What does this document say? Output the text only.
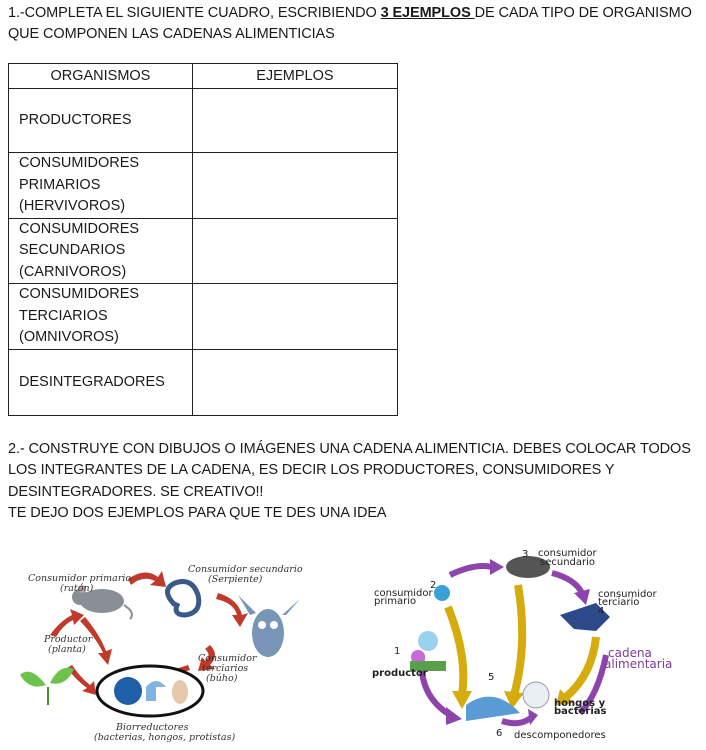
1.-COMPLETA EL SIGUIENTE CUADRO, ESCRIBIENDO 3 EJEMPLOS DE CADA TIPO DE ORGANISMO
QUE COMPONEN LAS CADENAS ALIMENTICIAS
ORGANISMOS	EJEMPLOS

PRODUCTORES	

CONSUMIDORES
PRIMARIOS
(HERVIVOROS)	

CONSUMIDORES
SECUNDARIOS
(CARNIVOROS)	

CONSUMIDORES
TERCIARIOS
(OMNIVOROS)	

DESINTEGRADORES	

2.- CONSTRUYE CON DIBUJOS O IMÁGENES UNA CADENA ALIMENTICIA. DEBES COLOCAR TODOS
LOS INTEGRANTES DE LA CADENA, ES DECIR LOS PRODUCTORES, CONSUMIDORES Y
DESINTEGRADORES. SE CREATIVO!!
TE DEJO DOS EJEMPLOS PARA QUE TE DES UNA IDEA
Consumidor primario
(ratón)
Consumidor secundario
(Serpiente)
Productor
(planta)
Consumidor
terciarios
(búho)
Biorreductores
(bacterias, hongos, protistas)
3 consumidor
secundario
2
consumidor
primario
consumidor
terciario
4
1
productor
cadena
alimentaria
5
hongos y
bacterias
6 descomponedores
